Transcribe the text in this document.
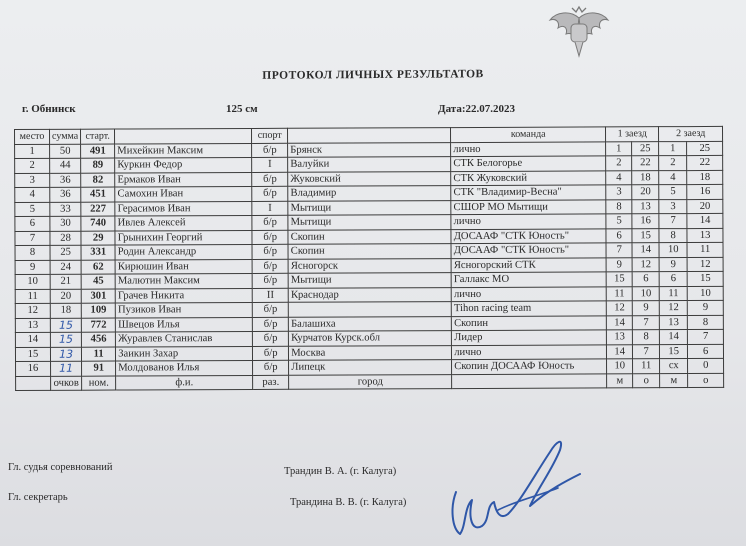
ПРОТОКОЛ ЛИЧНЫХ РЕЗУЛЬТАТОВ
г. Обнинск	125 см	Дата:22.07.2023
место	сумма	старт.		спорт		команда	1 заезд		2 заезд	
1	50	491	Михейкин Максим	б/р	Брянск	лично	1	25	1	25
2	44	89	Куркин Федор	I	Валуйки	СТК Белогорье	2	22	2	22
3	36	82	Ермаков Иван	б/р	Жуковский	СТК Жуковский	4	18	4	18
4	36	451	Самохин Иван	б/р	Владимир	СТК "Владимир-Весна"	3	20	5	16
5	33	227	Герасимов Иван	I	Мытищи	СШОР МО Мытищи	8	13	3	20
6	30	740	Ивлев Алексей	б/р	Мытищи	лично	5	16	7	14
7	28	29	Грынихин Георгий	б/р	Скопин	ДОСААФ "СТК Юность"	6	15	8	13
8	25	331	Родин Александр	б/р	Скопин	ДОСААФ "СТК Юность"	7	14	10	11
9	24	62	Кирюшин Иван	б/р	Ясногорск	Ясногорский СТК	9	12	9	12
10	21	45	Малютин Максим	б/р	Мытищи	Галлакс МО	15	6	6	15
11	20	301	Грачев Никита	II	Краснодар	лично	11	10	11	10
12	18	109	Пузиков Иван	б/р		Tihon racing team	12	9	12	9
13	15	772	Швецов Илья	б/р	Балашиха	Скопин	14	7	13	8
14	15	456	Журавлев Станислав	б/р	Курчатов Курск.обл	Лидер	13	8	14	7
15	13	11	Заикин Захар	б/р	Москва	лично	14	7	15	6
16	11	91	Молдованов Илья	б/р	Липецк	Скопин ДОСААФ Юность	10	11	сх	0
	очков	ном.	ф.и.	раз.	город		м	о	м	о
Гл. судья соревнований	Трандин В. А. (г. Калуга)
Гл. секретарь	Трандина В. В. (г. Калуга)
